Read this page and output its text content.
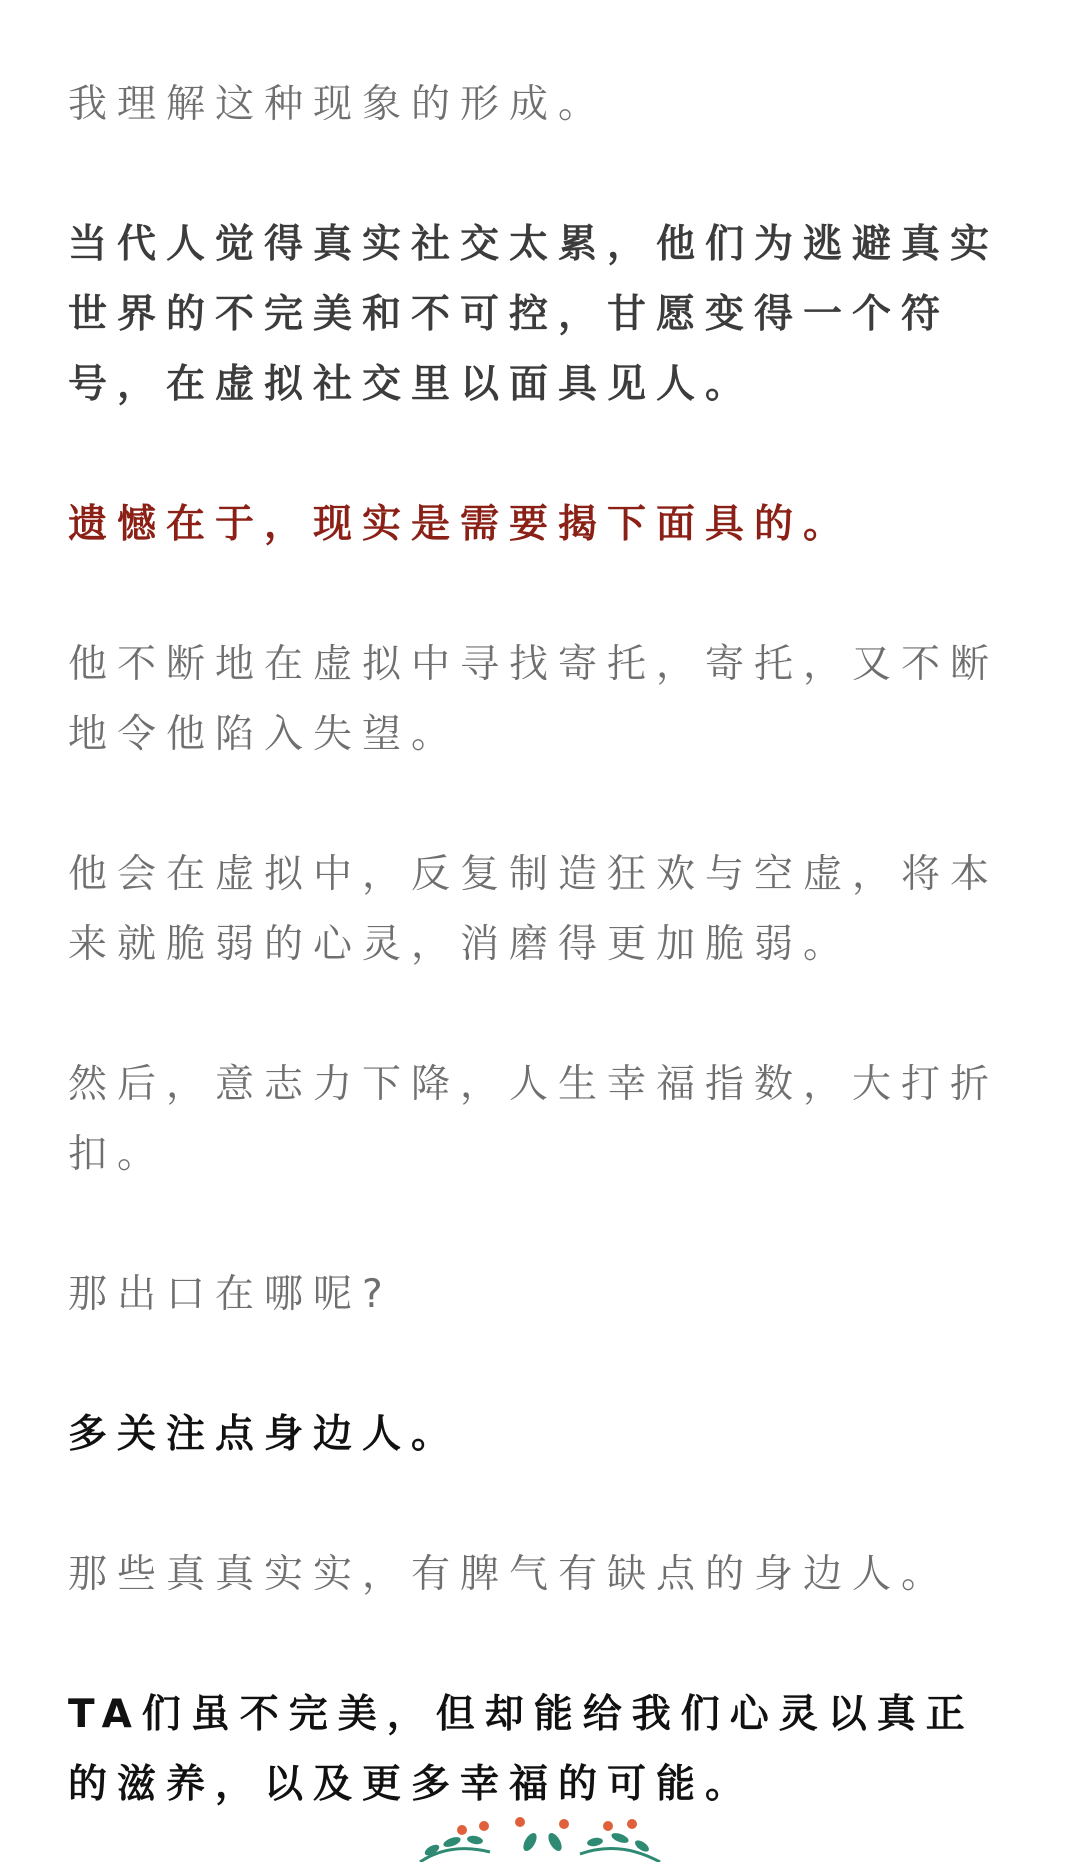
我理解这种现象的形成。

当代人觉得真实社交太累，他们为逃避真实世界的不完美和不可控，甘愿变得一个符号，在虚拟社交里以面具见人。

遗憾在于，现实是需要揭下面具的。

他不断地在虚拟中寻找寄托，寄托，又不断地令他陷入失望。

他会在虚拟中，反复制造狂欢与空虚，将本来就脆弱的心灵，消磨得更加脆弱。

然后，意志力下降，人生幸福指数，大打折扣。

那出口在哪呢?

多关注点身边人。

那些真真实实，有脾气有缺点的身边人。

TA们虽不完美，但却能给我们心灵以真正的滋养，以及更多幸福的可能。
